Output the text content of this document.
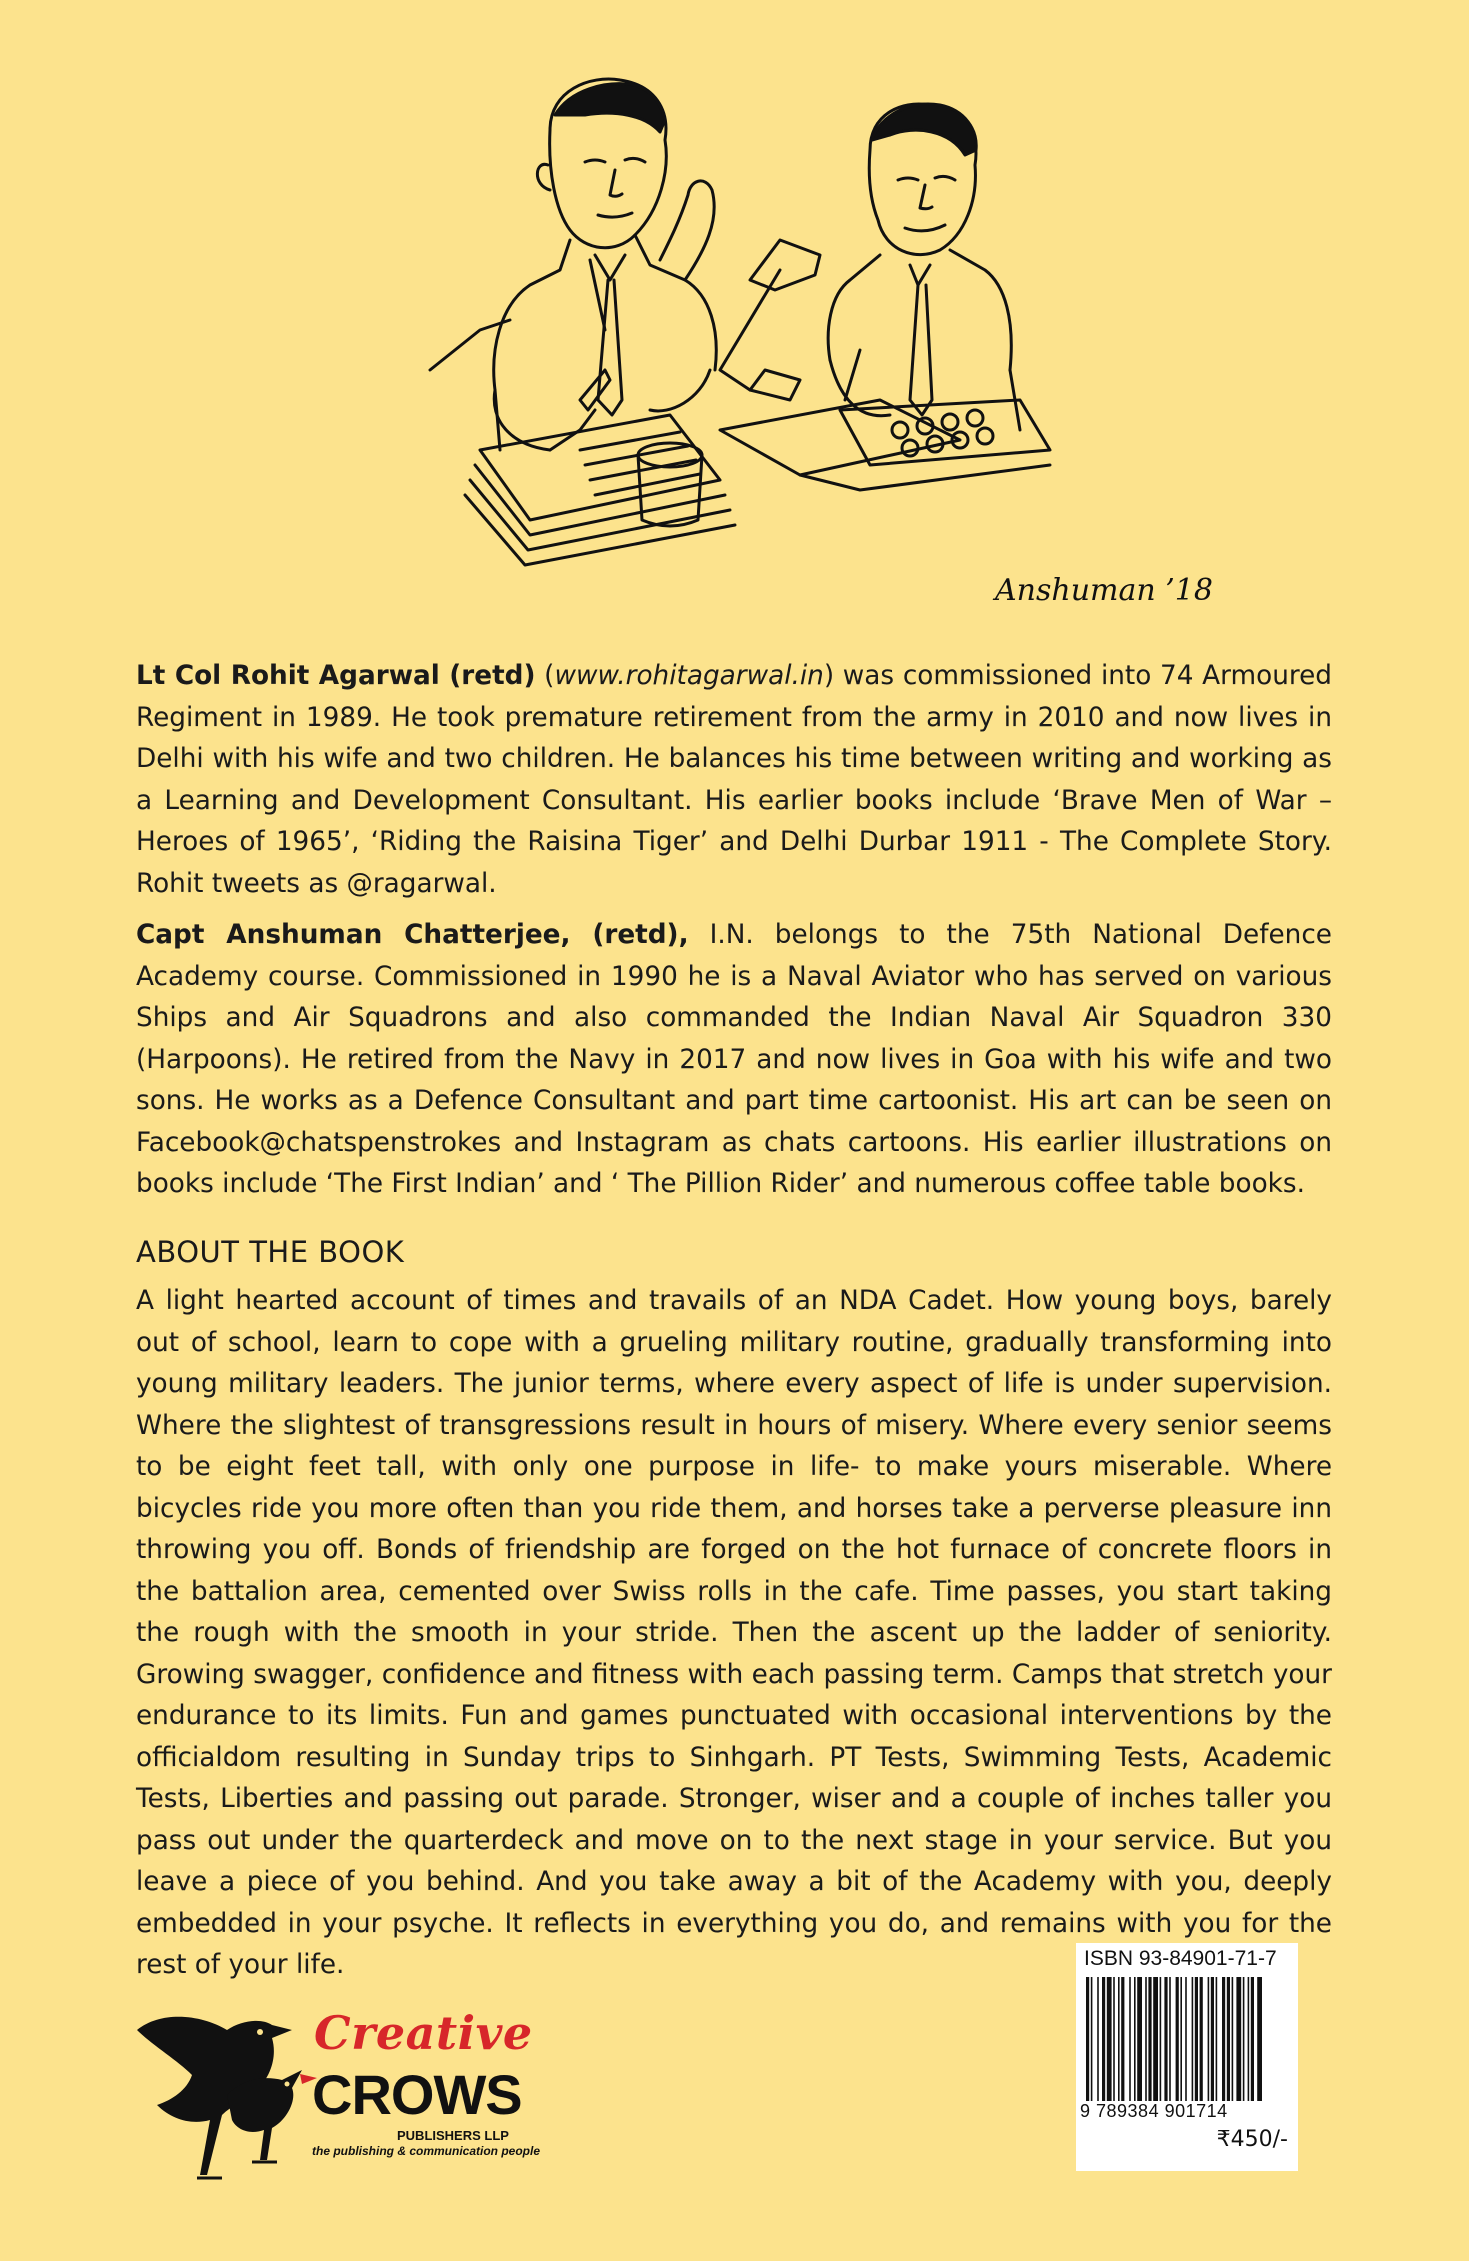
Anshuman ’18

Lt Col Rohit Agarwal (retd) (www.rohitagarwal.in) was commissioned into 74 Armoured Regiment in 1989. He took premature retirement from the army in 2010 and now lives in Delhi with his wife and two children. He balances his time between writing and working as a Learning and Development Consultant. His earlier books include ‘Brave Men of War – Heroes of 1965’, ‘Riding the Raisina Tiger’ and Delhi Durbar 1911 - The Complete Story. Rohit tweets as @ragarwal.

Capt Anshuman Chatterjee, (retd), I.N. belongs to the 75th National Defence Academy course. Commissioned in 1990 he is a Naval Aviator who has served on various Ships and Air Squadrons and also commanded the Indian Naval Air Squadron 330 (Harpoons). He retired from the Navy in 2017 and now lives in Goa with his wife and two sons. He works as a Defence Consultant and part time cartoonist. His art can be seen on Facebook@chatspenstrokes and Instagram as chats cartoons. His earlier illustrations on books include ‘The First Indian’ and ‘ The Pillion Rider’ and numerous coffee table books.

ABOUT THE BOOK

A light hearted account of times and travails of an NDA Cadet. How young boys, barely out of school, learn to cope with a grueling military routine, gradually transforming into young military leaders. The junior terms, where every aspect of life is under supervision. Where the slightest of transgressions result in hours of misery. Where every senior seems to be eight feet tall, with only one purpose in life- to make yours miserable. Where bicycles ride you more often than you ride them, and horses take a perverse pleasure inn throwing you off. Bonds of friendship are forged on the hot furnace of concrete floors in the battalion area, cemented over Swiss rolls in the cafe. Time passes, you start taking the rough with the smooth in your stride. Then the ascent up the ladder of seniority. Growing swagger, confidence and fitness with each passing term. Camps that stretch your endurance to its limits. Fun and games punctuated with occasional interventions by the officialdom resulting in Sunday trips to Sinhgarh. PT Tests, Swimming Tests, Academic Tests, Liberties and passing out parade. Stronger, wiser and a couple of inches taller you pass out under the quarterdeck and move on to the next stage in your service. But you leave a piece of you behind. And you take away a bit of the Academy with you, deeply embedded in your psyche. It reflects in everything you do, and remains with you for the rest of your life.

Creative
CROWS
PUBLISHERS LLP
the publishing & communication people
ISBN 93-84901-71-7
9 789384 901714
₹450/-
